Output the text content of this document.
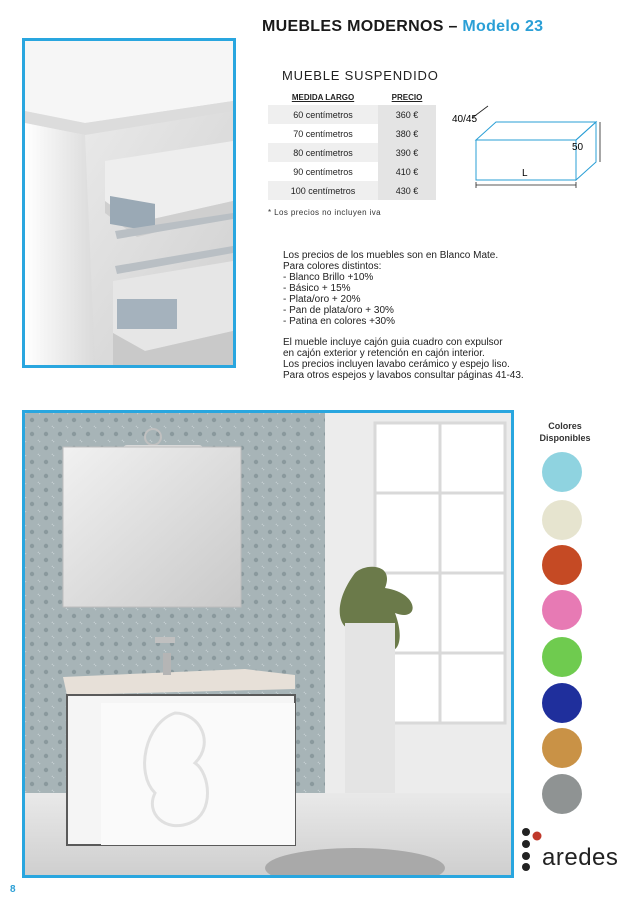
MUEBLES MODERNOS – Modelo 23
MUEBLE SUSPENDIDO
MEDIDA LARGO	PRECIO
60 centímetros	360 €
70 centímetros	380 €
80 centímetros	390 €
90 centímetros	410 €
100 centímetros	430 €
* Los precios no incluyen iva
40/45
50
L
Los precios de los muebles son en Blanco Mate.
Para colores distintos:
- Blanco Brillo +10%
- Básico + 15%
- Plata/oro + 20%
- Pan de plata/oro + 30%
- Patina en colores +30%
El mueble incluye cajón guia cuadro con expulsor
en cajón exterior y retención en cajón interior.
Los precios incluyen lavabo cerámico y espejo liso.
Para otros espejos y lavabos consultar páginas 41-43.
Colores
Disponibles
aredes
8
